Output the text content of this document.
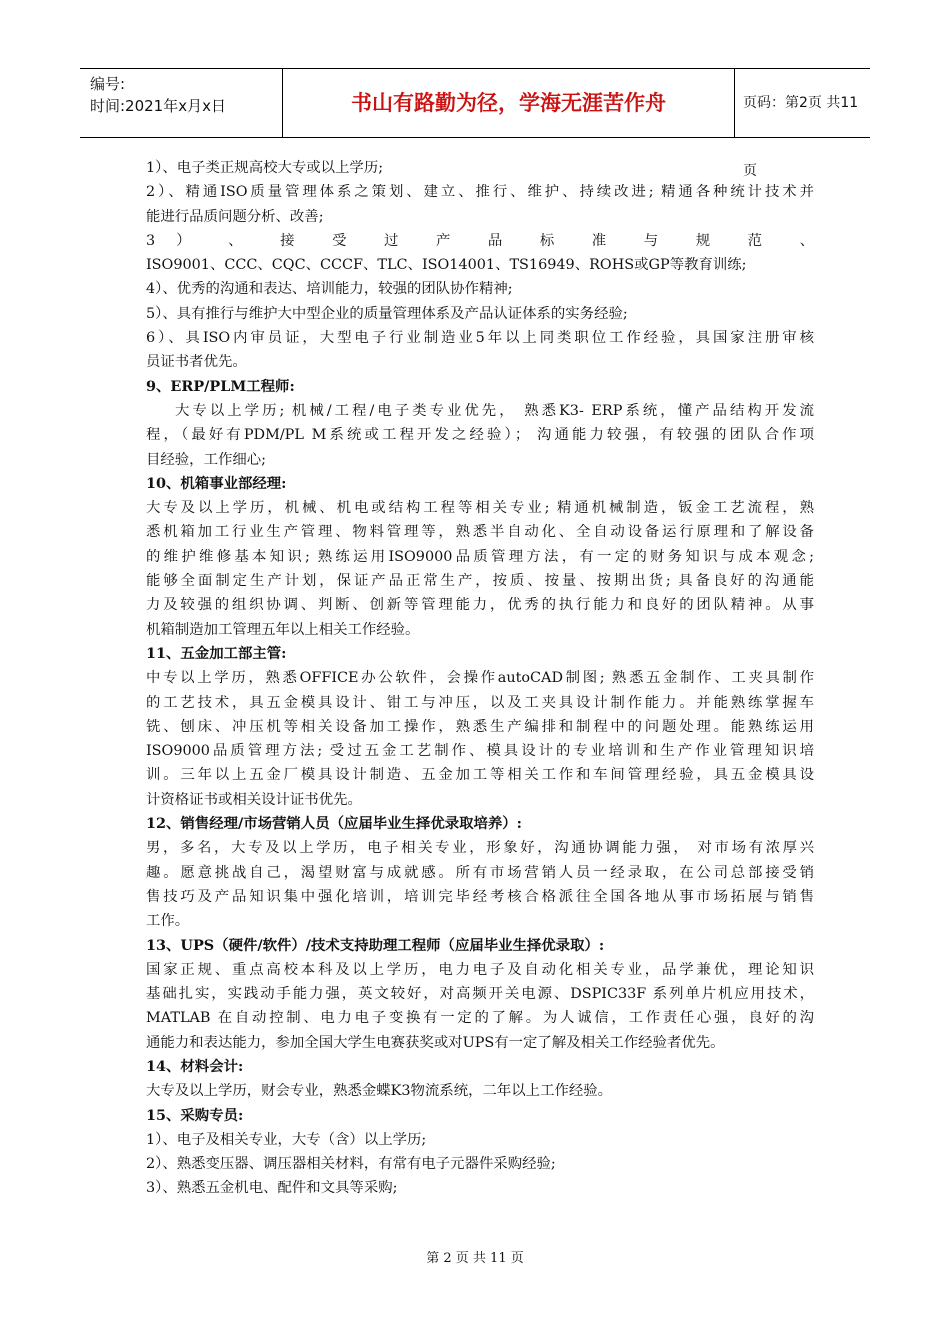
编号:
时间:2021年x月x日	书山有路勤为径，学海无涯苦作舟	页码：第2页 共11页
1）、电子类正规高校大专或以上学历;
2）、精通ISO质量管理体系之策划、建立、推行、维护、持续改进; 精通各种统计技术并
能进行品质问题分析、改善;
3 ） 、 接 受 过 产 品 标 准 与 规 范 、
ISO9001、CCC、CQC、CCCF、TLC、ISO14001、TS16949、ROHS或GP等教育训练;
4）、优秀的沟通和表达、培训能力，较强的团队协作精神;
5）、具有推行与维护大中型企业的质量管理体系及产品认证体系的实务经验;
6）、具ISO内审员证，大型电子行业制造业5年以上同类职位工作经验，具国家注册审核
员证书者优先。
9、ERP/PLM工程师:
大专以上学历; 机械/工程/电子类专业优先， 熟悉K3- ERP系统，懂产品结构开发流
程，（最好有PDM/PL M系统或工程开发之经验）； 沟通能力较强，有较强的团队合作项
目经验，工作细心;
10、机箱事业部经理:
大专及以上学历，机械、机电或结构工程等相关专业; 精通机械制造，钣金工艺流程，熟
悉机箱加工行业生产管理、物料管理等，熟悉半自动化、全自动设备运行原理和了解设备
的维护维修基本知识; 熟练运用ISO9000品质管理方法，有一定的财务知识与成本观念;
能够全面制定生产计划，保证产品正常生产，按质、按量、按期出货; 具备良好的沟通能
力及较强的组织协调、判断、创新等管理能力，优秀的执行能力和良好的团队精神。从事
机箱制造加工管理五年以上相关工作经验。
11、五金加工部主管:
中专以上学历，熟悉OFFICE办公软件，会操作autoCAD制图; 熟悉五金制作、工夹具制作
的工艺技术，具五金模具设计、钳工与冲压，以及工夹具设计制作能力。并能熟练掌握车
铣、刨床、冲压机等相关设备加工操作，熟悉生产编排和制程中的问题处理。能熟练运用
ISO9000品质管理方法; 受过五金工艺制作、模具设计的专业培训和生产作业管理知识培
训。三年以上五金厂模具设计制造、五金加工等相关工作和车间管理经验，具五金模具设
计资格证书或相关设计证书优先。
12、销售经理/市场营销人员（应届毕业生择优录取培养）:
男，多名，大专及以上学历，电子相关专业，形象好，沟通协调能力强， 对市场有浓厚兴
趣。愿意挑战自己，渴望财富与成就感。所有市场营销人员一经录取，在公司总部接受销
售技巧及产品知识集中强化培训，培训完毕经考核合格派往全国各地从事市场拓展与销售
工作。
13、UPS（硬件/软件）/技术支持助理工程师（应届毕业生择优录取）:
国家正规、重点高校本科及以上学历，电力电子及自动化相关专业，品学兼优，理论知识
基础扎实，实践动手能力强，英文较好，对高频开关电源、DSPIC33F 系列单片机应用技术，
MATLAB 在自动控制、电力电子变换有一定的了解。为人诚信，工作责任心强，良好的沟
通能力和表达能力，参加全国大学生电赛获奖或对UPS有一定了解及相关工作经验者优先。
14、材料会计:
大专及以上学历，财会专业，熟悉金蝶K3物流系统，二年以上工作经验。
15、采购专员:
1）、电子及相关专业，大专（含）以上学历;
2）、熟悉变压器、调压器相关材料，有常有电子元器件采购经验;
3）、熟悉五金机电、配件和文具等采购;
第 2 页 共 11 页
